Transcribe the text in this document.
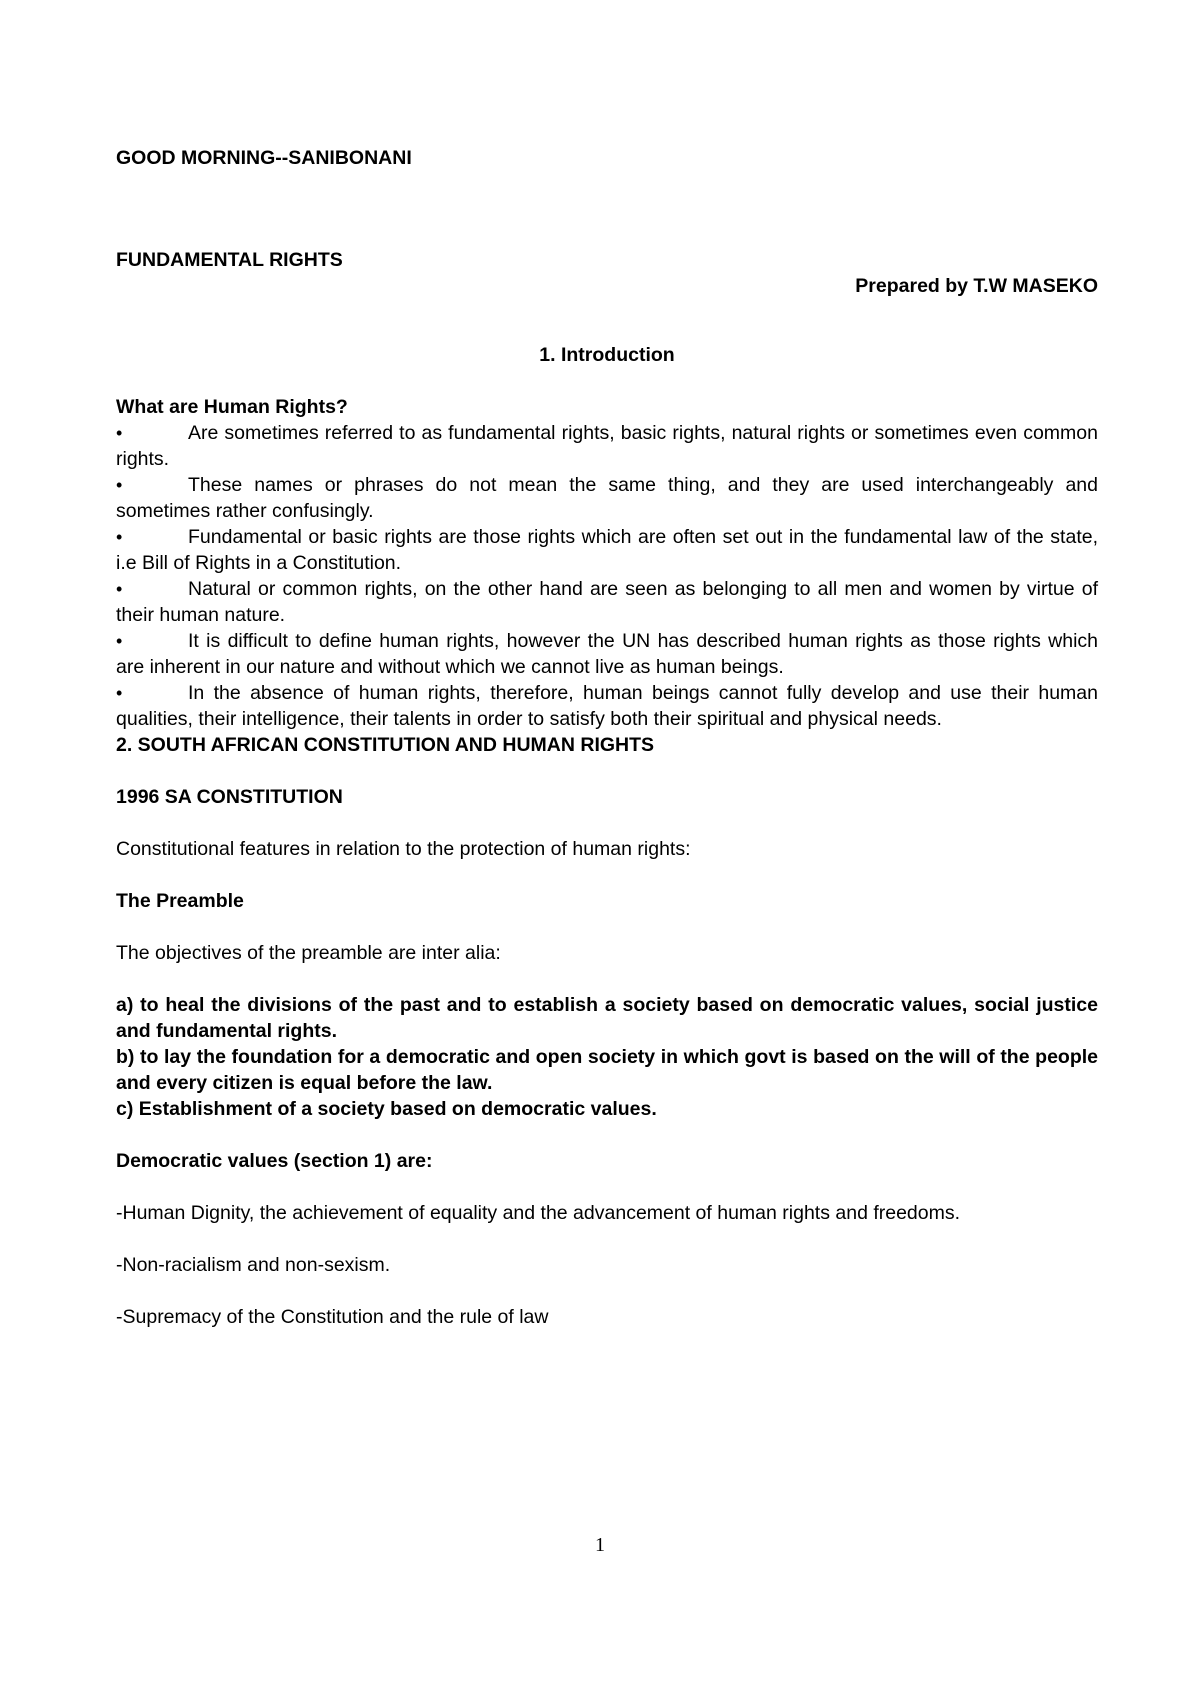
GOOD MORNING--SANIBONANI

FUNDAMENTAL RIGHTS

Prepared by T.W MASEKO

1. Introduction

What are Human Rights?

•	Are sometimes referred to as fundamental rights, basic rights, natural rights or sometimes even common rights.

•	These names or phrases do not mean the same thing, and they are used interchangeably and sometimes rather confusingly.

•	Fundamental or basic rights are those rights which are often set out in the fundamental law of the state, i.e Bill of Rights in a Constitution.

•	Natural or common rights, on the other hand are seen as belonging to all men and women by virtue of their human nature.

•	It is difficult to define human rights, however the UN has described human rights as those rights which are inherent in our nature and without which we cannot live as human beings.

•	In the absence of human rights, therefore, human beings cannot fully develop and use their human qualities, their intelligence, their talents in order to satisfy both their spiritual and physical needs.

2. SOUTH AFRICAN CONSTITUTION AND HUMAN RIGHTS

1996 SA CONSTITUTION

Constitutional features in relation to the protection of human rights:

The Preamble

The objectives of the preamble are inter alia:

a) to heal the divisions of the past and to establish a society based on democratic values, social justice and fundamental rights.

b) to lay the foundation for a democratic and open society in which govt is based on the will of the people and every citizen is equal before the law.

c) Establishment of a society based on democratic values.

Democratic values (section 1) are:

-Human Dignity, the achievement of equality and the advancement of human rights and freedoms.

-Non-racialism and non-sexism.

-Supremacy of the Constitution and the rule of law

1
